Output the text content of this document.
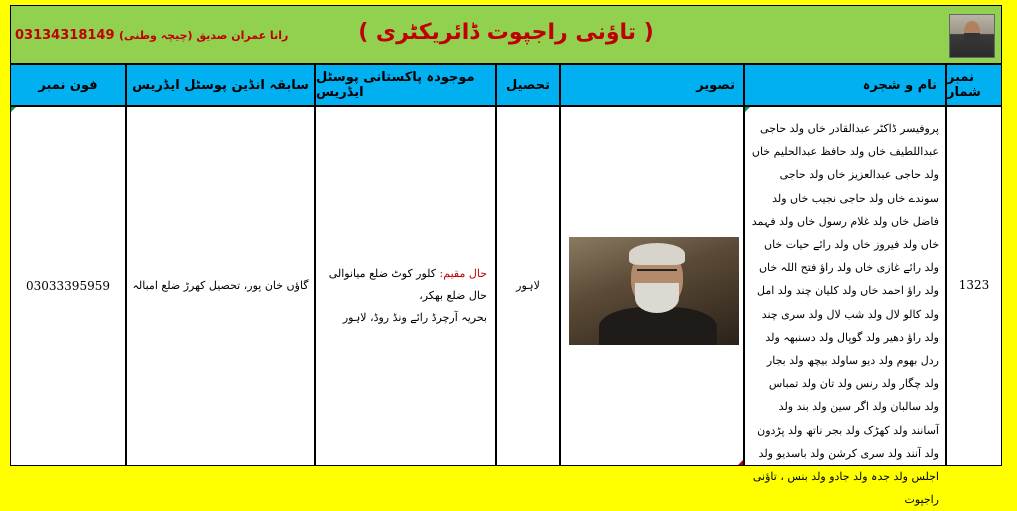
03134318149 رانا عمران صدیق (چیچہ وطنی)	( تاؤنی راجپوت ڈائریکٹری )
نمبر شمار
نام و شجرہ
تصویر
تحصیل
موجودہ پاکستانی پوسٹل ایڈریس
سابقہ انڈین پوسٹل ایڈریس
فون نمبر
1323
پروفیسر ڈاکٹر عبدالقادر خاں ولد حاجی عبداللطیف خاں ولد حافظ عبدالحلیم خاں ولد حاجی عبدالعزیز خاں ولد حاجی سوندے خاں ولد حاجی نجیب خاں ولد فاضل خاں ولد غلام رسول خاں ولد فہمد خاں ولد فیروز خاں ولد رائے حیات خاں ولد رائے غازی خاں ولد راؤ فتح اللہ خاں ولد راؤ احمد خاں ولد کلیان چند ولد امل ولد کالو لال ولد شب لال ولد سری چند ولد راؤ دھیر ولد گوپال ولد دسنبھہ ولد ردل بھوم ولد دیو ساولد بیچھ ولد بجار ولد چگار ولد رنس ولد تان ولد تمباس ولد سالبان ولد اگر سین ولد بند ولد آسانند ولد کھڑک ولد بجر ناتھ ولد پڑدون ولد آنند ولد سری کرشن ولد باسدیو ولد اجلس ولد جدہ ولد جادو ولد بنس ، تاؤنی راجپوت
لاہور
حال مقیم: کلور کوٹ ضلع میانوالی حال ضلع بھکر،
بحریہ آرچرڈ رائے ونڈ روڈ، لاہور
گاؤں خان پور، تحصیل کھرڑ ضلع امبالہ
03033395959
